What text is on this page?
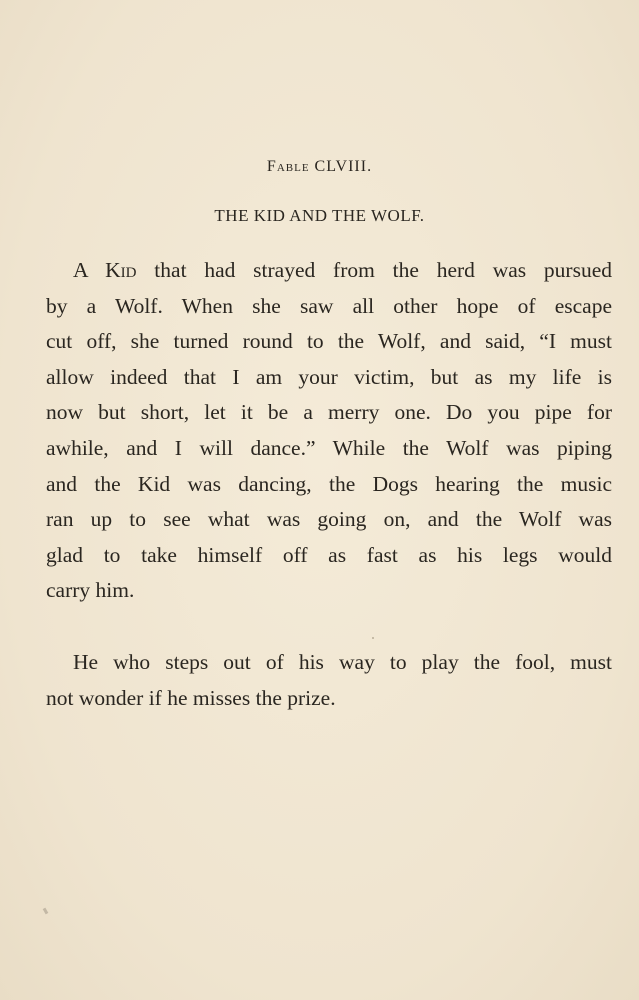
Fable CLVIII.
THE KID AND THE WOLF.
A Kid that had strayed from the herd was pursued
by a Wolf. When she saw all other hope of escape
cut off, she turned round to the Wolf, and said, “I must
allow indeed that I am your victim, but as my life is
now but short, let it be a merry one. Do you pipe for
awhile, and I will dance.” While the Wolf was piping
and the Kid was dancing, the Dogs hearing the music
ran up to see what was going on, and the Wolf was
glad to take himself off as fast as his legs would
carry him.
He who steps out of his way to play the fool, must
not wonder if he misses the prize.
